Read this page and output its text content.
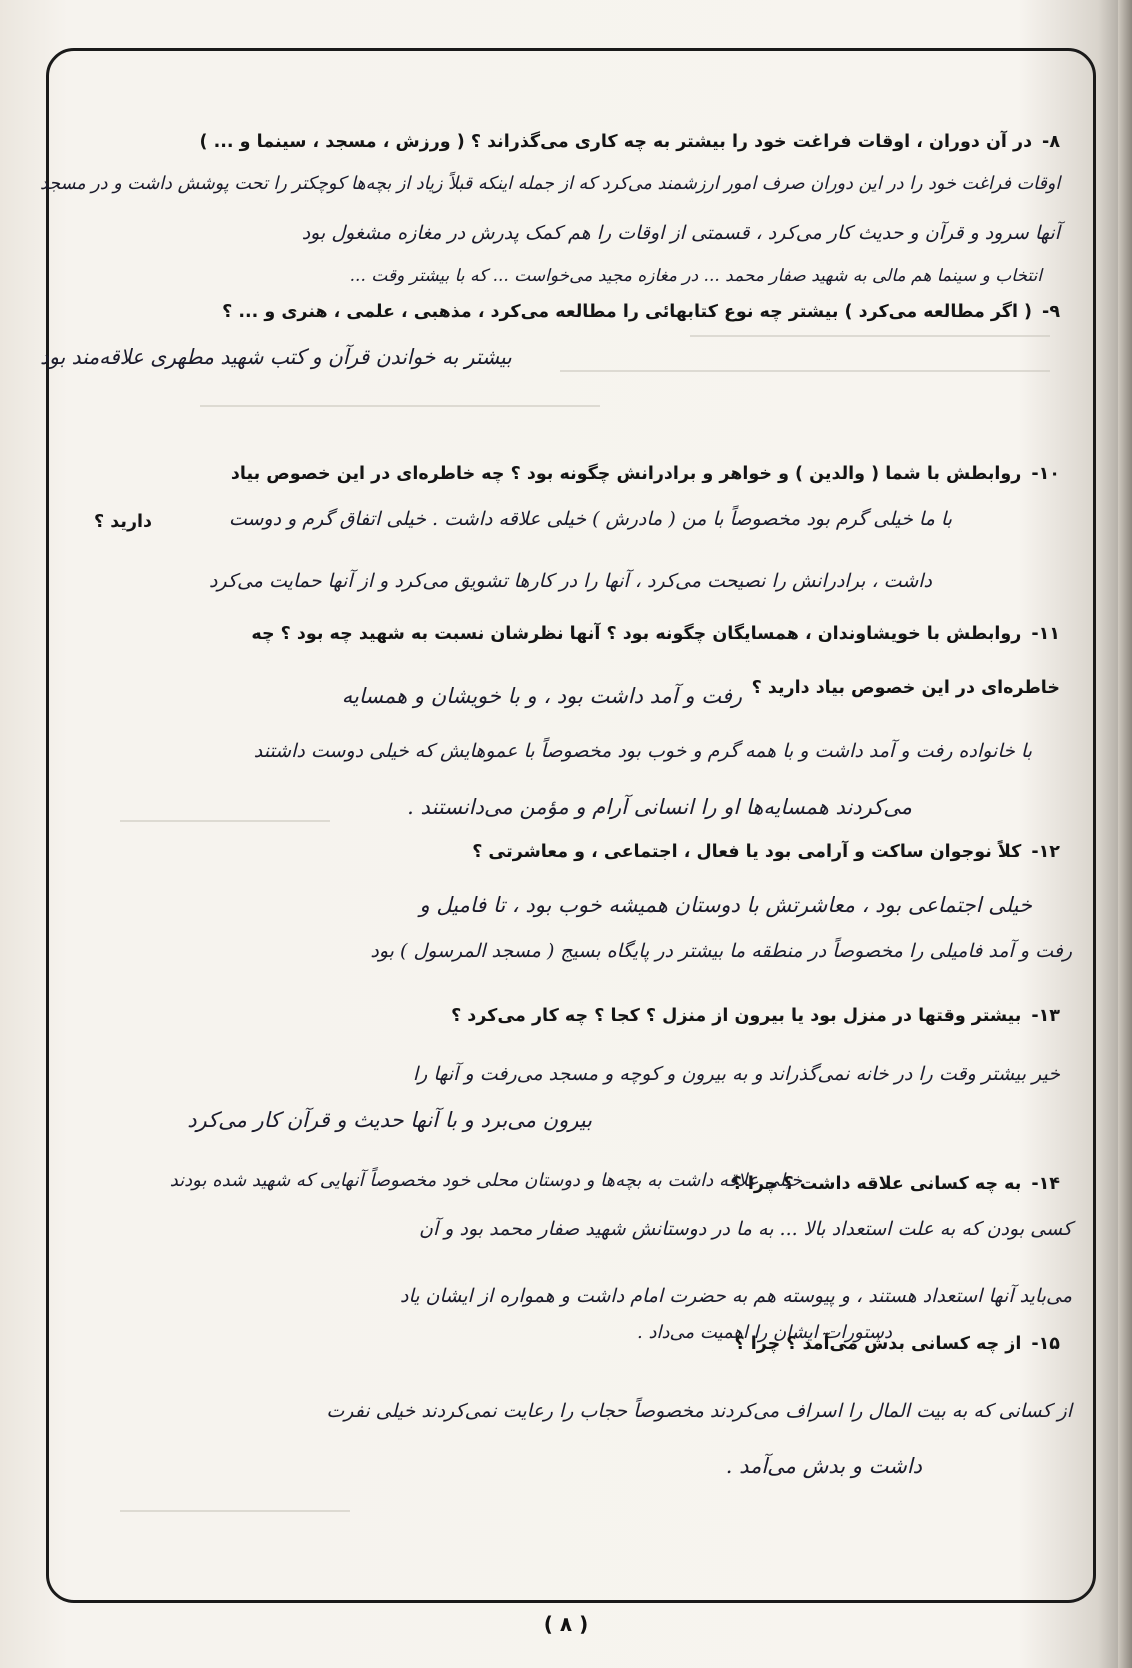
۸-در آن دوران ، اوقات فراغت خود را بیشتر به چه کاری می‌گذراند ؟ ( ورزش ، مسجد ، سینما و ... )
اوقات فراغت خود را در این دوران صرف امور ارزشمند می‌کرد که از جمله اینکه قبلاً زیاد از بچه‌ها کوچکتر را تحت پوشش داشت و در مسجد
آنها سرود و قرآن و حدیث کار می‌کرد ، قسمتی از اوقات را هم کمک پدرش در مغازه مشغول بود
انتخاب و سینما هم مالی به شهید صفار محمد ... در مغازه مجید می‌خواست ... که با بیشتر وقت ...
۹-( اگر مطالعه می‌کرد ) بیشتر چه نوع کتابهائی را مطالعه می‌کرد ، مذهبی ، علمی ، هنری و ... ؟
بیشتر به خواندن قرآن و کتب شهید مطهری علاقه‌مند بود
۱۰-روابطش با شما ( والدین ) و خواهر و برادرانش چگونه بود ؟ چه خاطره‌ای در این خصوص بیاد
دارید ؟	با ما خیلی گرم بود مخصوصاً با من ( مادرش ) خیلی علاقه داشت . خیلی اتفاق گرم و دوست
داشت ، برادرانش را نصیحت می‌کرد ، آنها را در کارها تشویق می‌کرد و از آنها حمایت می‌کرد
۱۱-روابطش با خویشاوندان ، همسایگان چگونه بود ؟ آنها نظرشان نسبت به شهید چه بود ؟ چه
خاطره‌ای در این خصوص بیاد دارید ؟
رفت و آمد داشت بود ، و با خویشان و همسایه
با خانواده رفت و آمد داشت و با همه گرم و خوب بود مخصوصاً با عموهایش که خیلی دوست داشتند
می‌کردند همسایه‌ها او را انسانی آرام و مؤمن می‌دانستند .
۱۲-کلاً نوجوان ساکت و آرامی بود یا فعال ، اجتماعی ، و معاشرتی ؟
خیلی اجتماعی بود ، معاشرتش با دوستان همیشه خوب بود ، تا فامیل و
رفت و آمد فامیلی را مخصوصاً در منطقه ما بیشتر در پایگاه بسیج ( مسجد المرسول ) بود
۱۳-بیشتر وقتها در منزل بود یا بیرون از منزل ؟ کجا ؟ چه کار می‌کرد ؟
خیر بیشتر وقت را در خانه نمی‌گذراند و به بیرون و کوچه و مسجد می‌رفت و آنها را
بیرون می‌برد و با آنها حدیث و قرآن کار می‌کرد
۱۴-به چه کسانی علاقه داشت ؟ چرا ؟
خیلی علاقه داشت به بچه‌ها و دوستان محلی خود مخصوصاً آنهایی که شهید شده بودند
کسی بودن که به علت استعداد بالا ... به ما در دوستانش شهید صفار محمد بود و آن
می‌باید آنها استعداد هستند ، و پیوسته هم به حضرت امام داشت و همواره از ایشان یاد
دستورات ایشان را اهمیت می‌داد .
۱۵-از چه کسانی بدش می‌آمد ؟ چرا ؟
از کسانی که به بیت المال را اسراف می‌کردند مخصوصاً حجاب را رعایت نمی‌کردند خیلی نفرت
داشت و بدش می‌آمد .
( ۸ )
